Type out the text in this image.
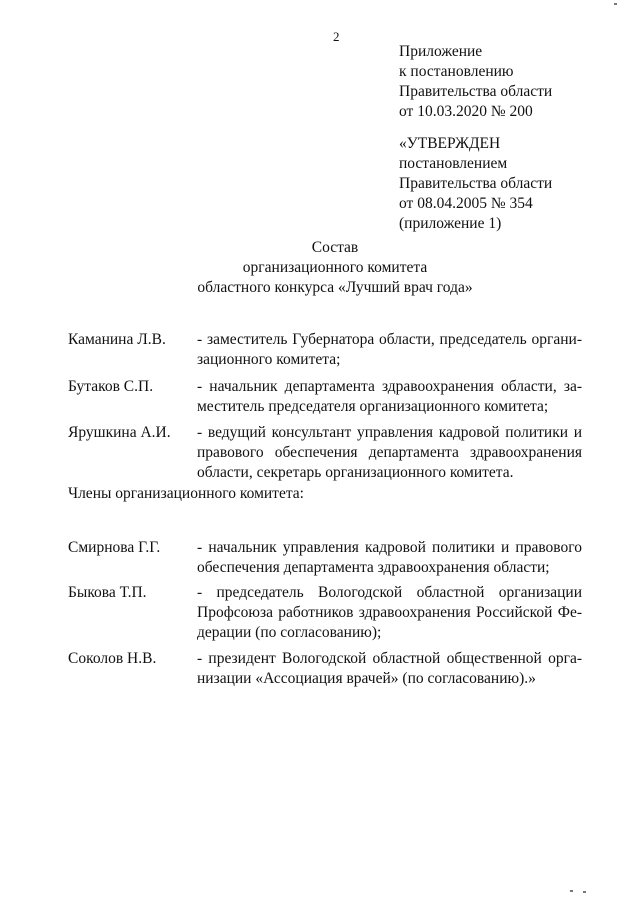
2
Приложение
к постановлению
Правительства области
от 10.03.2020 № 200
«УТВЕРЖДЕН
постановлением
Правительства области
от 08.04.2005 № 354
(приложение 1)
Состав
организационного комитета
областного конкурса «Лучший врач года»
Каманина Л.В. - заместитель Губернатора области, председатель органи-зационного комитета;
Бутаков С.П.	- начальник департамента здравоохранения области, за-меститель председателя организационного комитета;
Ярушкина А.И. - ведущий консультант управления кадровой политики и правового обеспечения департамента здравоохранения области, секретарь организационного комитета.
Члены организационного комитета:
Смирнова Г.Г. - начальник управления кадровой политики и правового обеспечения департамента здравоохранения области;
Быкова Т.П.	- председатель Вологодской областной организации Профсоюза работников здравоохранения Российской Фе-дерации (по согласованию);
Соколов Н.В.	- президент Вологодской областной общественной орга-низации «Ассоциация врачей» (по согласованию).»
